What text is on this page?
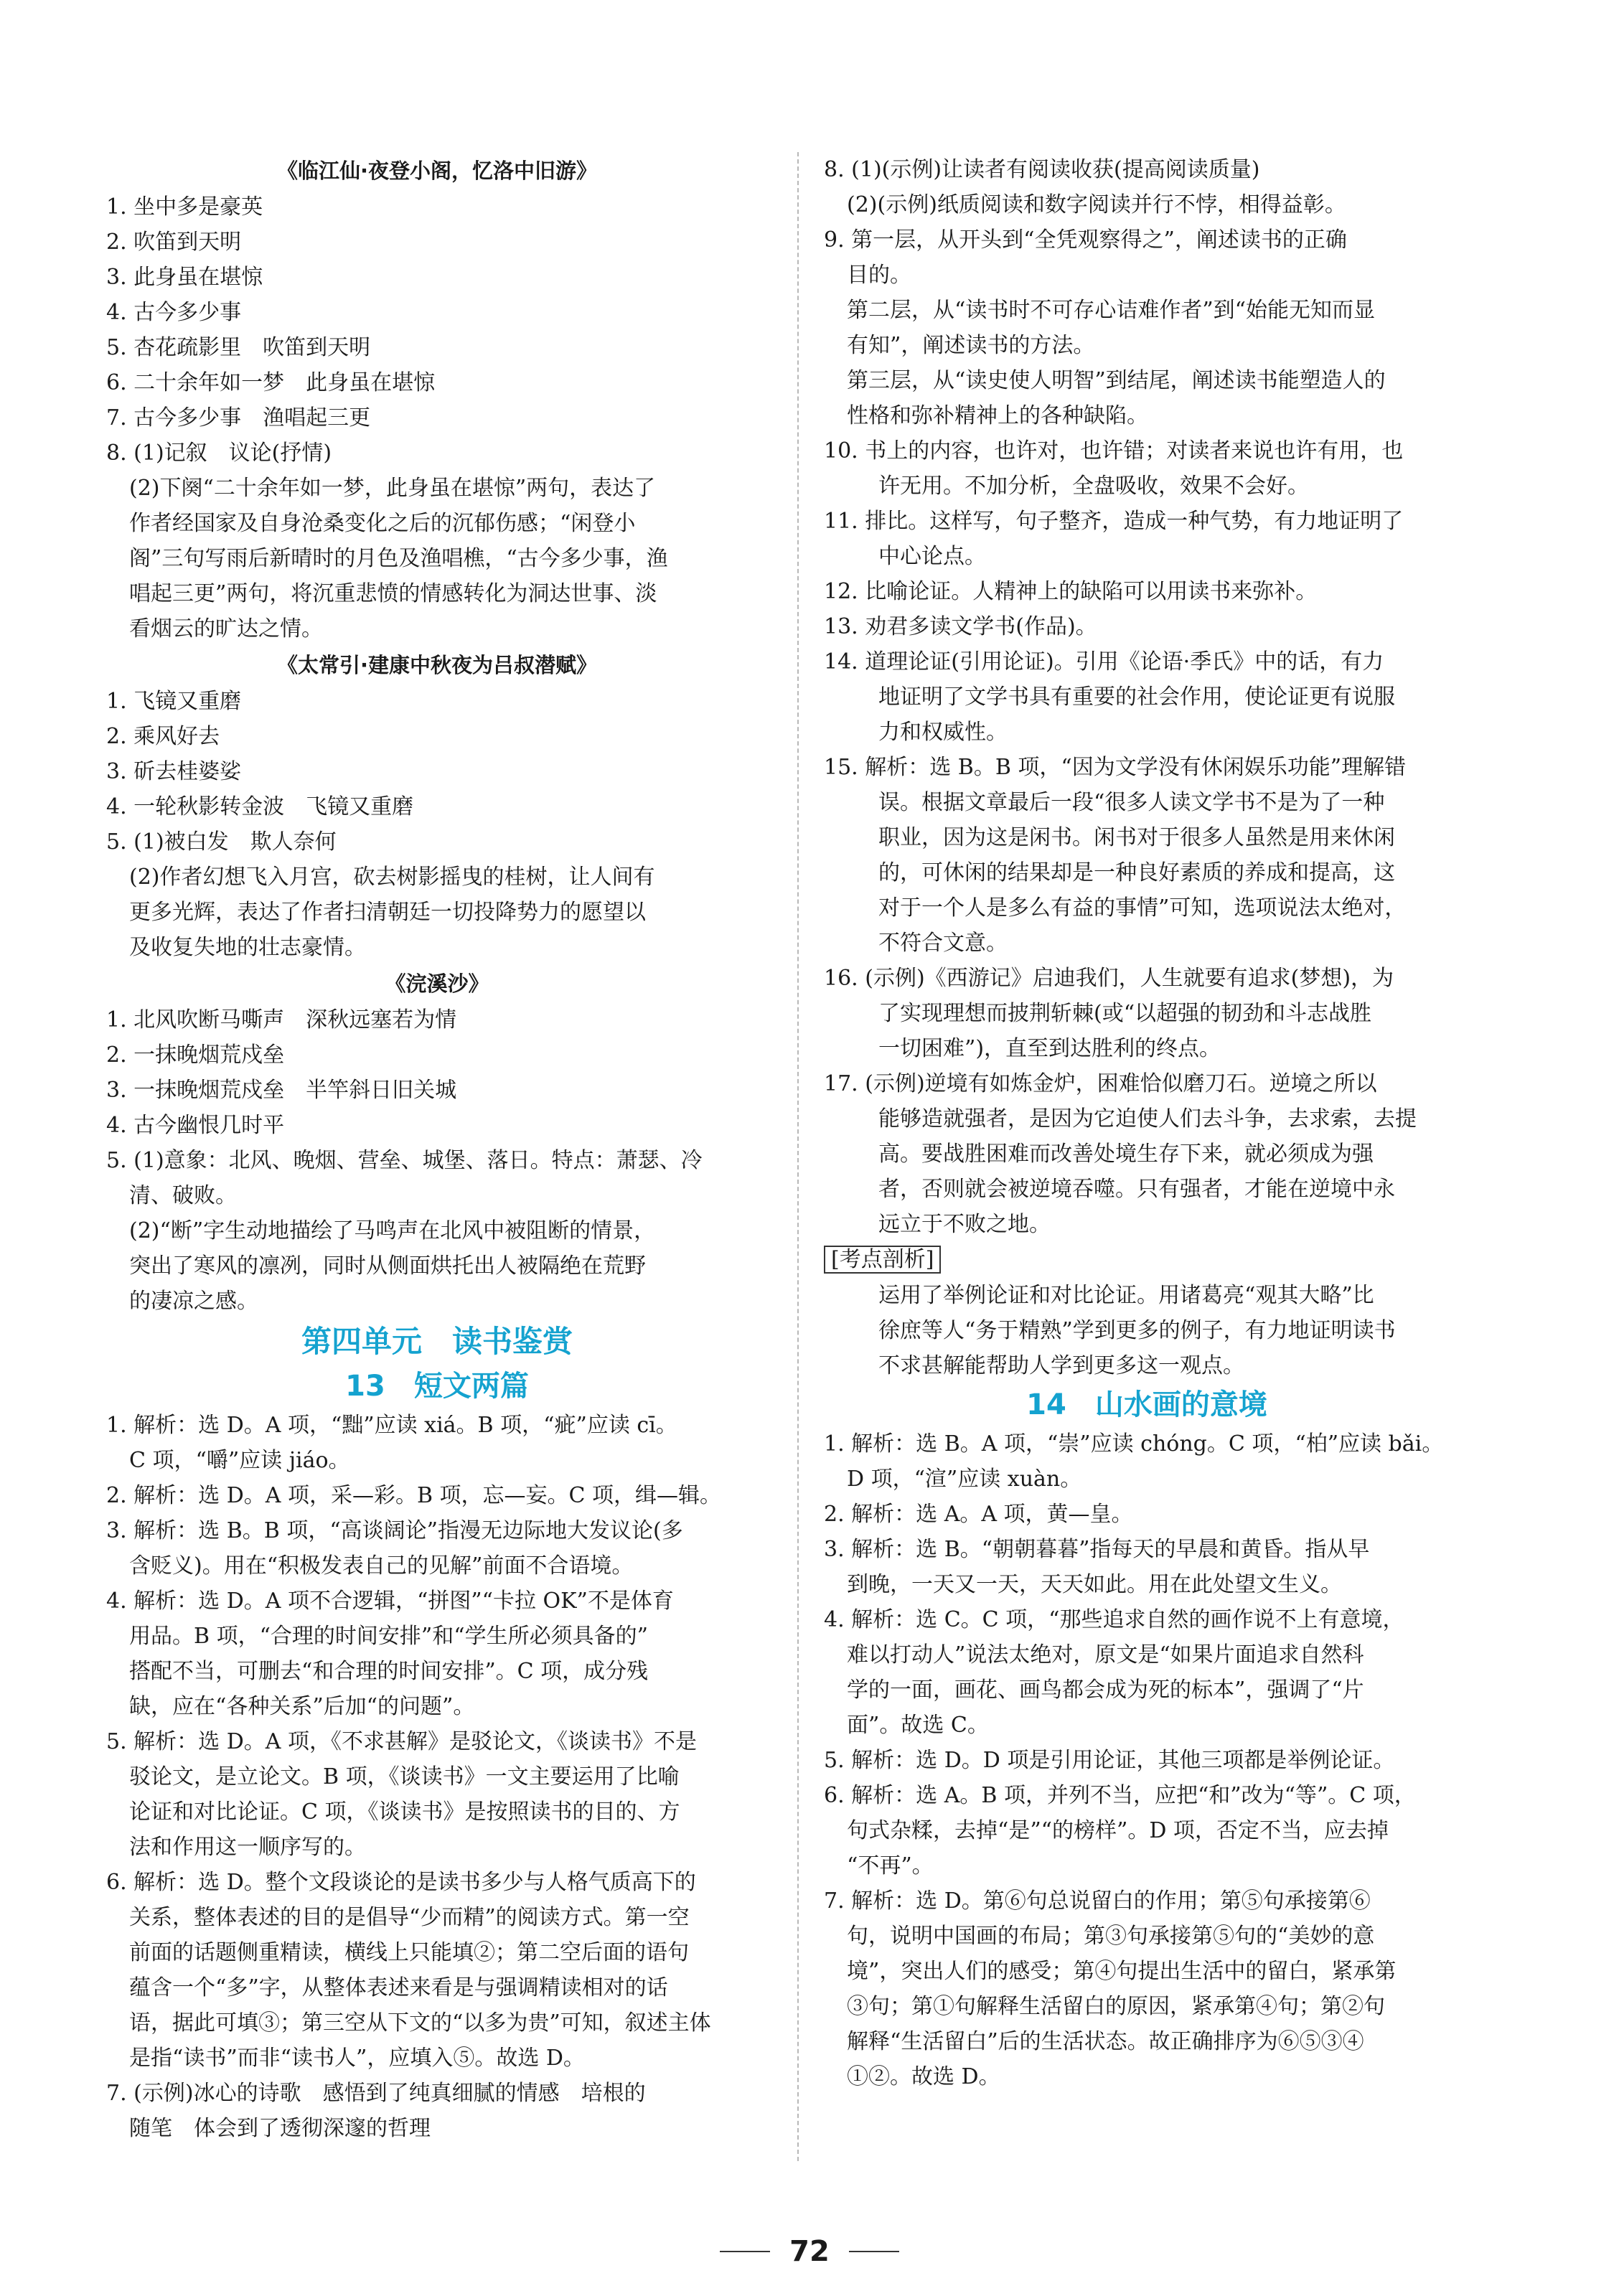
《临江仙·夜登小阁，忆洛中旧游》
1. 坐中多是豪英
2. 吹笛到天明
3. 此身虽在堪惊
4. 古今多少事
5. 杏花疏影里　吹笛到天明
6. 二十余年如一梦　此身虽在堪惊
7. 古今多少事　渔唱起三更
8. (1)记叙　议论(抒情)
(2)下阕“二十余年如一梦，此身虽在堪惊”两句，表达了
作者经国家及自身沧桑变化之后的沉郁伤感；“闲登小
阁”三句写雨后新晴时的月色及渔唱樵，“古今多少事，渔
唱起三更”两句，将沉重悲愤的情感转化为洞达世事、淡
看烟云的旷达之情。
《太常引·建康中秋夜为吕叔潜赋》
1. 飞镜又重磨
2. 乘风好去
3. 斫去桂婆娑
4. 一轮秋影转金波　飞镜又重磨
5. (1)被白发　欺人奈何
(2)作者幻想飞入月宫，砍去树影摇曳的桂树，让人间有
更多光辉，表达了作者扫清朝廷一切投降势力的愿望以
及收复失地的壮志豪情。
《浣溪沙》
1. 北风吹断马嘶声　深秋远塞若为情
2. 一抹晚烟荒戍垒
3. 一抹晚烟荒戍垒　半竿斜日旧关城
4. 古今幽恨几时平
5. (1)意象：北风、晚烟、营垒、城堡、落日。特点：萧瑟、冷
清、破败。
(2)“断”字生动地描绘了马鸣声在北风中被阻断的情景，
突出了寒风的凛冽，同时从侧面烘托出人被隔绝在荒野
的凄凉之感。
第四单元　读书鉴赏
13　短文两篇
1. 解析：选 D。A 项，“黜”应读 xiá。B 项，“疵”应读 cī。
C 项，“嚼”应读 jiáo。
2. 解析：选 D。A 项，采—彩。B 项，忘—妄。C 项，缉—辑。
3. 解析：选 B。B 项，“高谈阔论”指漫无边际地大发议论(多
含贬义)。用在“积极发表自己的见解”前面不合语境。
4. 解析：选 D。A 项不合逻辑，“拼图”“卡拉 OK”不是体育
用品。B 项，“合理的时间安排”和“学生所必须具备的”
搭配不当，可删去“和合理的时间安排”。C 项，成分残
缺，应在“各种关系”后加“的问题”。
5. 解析：选 D。A 项，《不求甚解》是驳论文，《谈读书》不是
驳论文，是立论文。B 项，《谈读书》一文主要运用了比喻
论证和对比论证。C 项，《谈读书》是按照读书的目的、方
法和作用这一顺序写的。
6. 解析：选 D。整个文段谈论的是读书多少与人格气质高下的
关系，整体表述的目的是倡导“少而精”的阅读方式。第一空
前面的话题侧重精读，横线上只能填②；第二空后面的语句
蕴含一个“多”字，从整体表述来看是与强调精读相对的话
语，据此可填③；第三空从下文的“以多为贵”可知，叙述主体
是指“读书”而非“读书人”，应填入⑤。故选 D。
7. (示例)冰心的诗歌　感悟到了纯真细腻的情感　培根的
随笔　体会到了透彻深邃的哲理
8. (1)(示例)让读者有阅读收获(提高阅读质量)
(2)(示例)纸质阅读和数字阅读并行不悖，相得益彰。
9. 第一层，从开头到“全凭观察得之”，阐述读书的正确
目的。
第二层，从“读书时不可存心诘难作者”到“始能无知而显
有知”，阐述读书的方法。
第三层，从“读史使人明智”到结尾，阐述读书能塑造人的
性格和弥补精神上的各种缺陷。
10. 书上的内容，也许对，也许错；对读者来说也许有用，也
许无用。不加分析，全盘吸收，效果不会好。
11. 排比。这样写，句子整齐，造成一种气势，有力地证明了
中心论点。
12. 比喻论证。人精神上的缺陷可以用读书来弥补。
13. 劝君多读文学书(作品)。
14. 道理论证(引用论证)。引用《论语·季氏》中的话，有力
地证明了文学书具有重要的社会作用，使论证更有说服
力和权威性。
15. 解析：选 B。B 项，“因为文学没有休闲娱乐功能”理解错
误。根据文章最后一段“很多人读文学书不是为了一种
职业，因为这是闲书。闲书对于很多人虽然是用来休闲
的，可休闲的结果却是一种良好素质的养成和提高，这
对于一个人是多么有益的事情”可知，选项说法太绝对，
不符合文意。
16. (示例)《西游记》启迪我们，人生就要有追求(梦想)，为
了实现理想而披荆斩棘(或“以超强的韧劲和斗志战胜
一切困难”)，直至到达胜利的终点。
17. (示例)逆境有如炼金炉，困难恰似磨刀石。逆境之所以
能够造就强者，是因为它迫使人们去斗争，去求索，去提
高。要战胜困难而改善处境生存下来，就必须成为强
者，否则就会被逆境吞噬。只有强者，才能在逆境中永
远立于不败之地。
[考点剖析]
运用了举例论证和对比论证。用诸葛亮“观其大略”比
徐庶等人“务于精熟”学到更多的例子，有力地证明读书
不求甚解能帮助人学到更多这一观点。
14　山水画的意境
1. 解析：选 B。A 项，“崇”应读 chóng。C 项，“柏”应读 bǎi。
D 项，“渲”应读 xuàn。
2. 解析：选 A。A 项，黄—皇。
3. 解析：选 B。“朝朝暮暮”指每天的早晨和黄昏。指从早
到晚，一天又一天，天天如此。用在此处望文生义。
4. 解析：选 C。C 项，“那些追求自然的画作说不上有意境，
难以打动人”说法太绝对，原文是“如果片面追求自然科
学的一面，画花、画鸟都会成为死的标本”，强调了“片
面”。故选 C。
5. 解析：选 D。D 项是引用论证，其他三项都是举例论证。
6. 解析：选 A。B 项，并列不当，应把“和”改为“等”。C 项，
句式杂糅，去掉“是”“的榜样”。D 项，否定不当，应去掉
“不再”。
7. 解析：选 D。第⑥句总说留白的作用；第⑤句承接第⑥
句，说明中国画的布局；第③句承接第⑤句的“美妙的意
境”，突出人们的感受；第④句提出生活中的留白，紧承第
③句；第①句解释生活留白的原因，紧承第④句；第②句
解释“生活留白”后的生活状态。故正确排序为⑥⑤③④
①②。故选 D。
72
